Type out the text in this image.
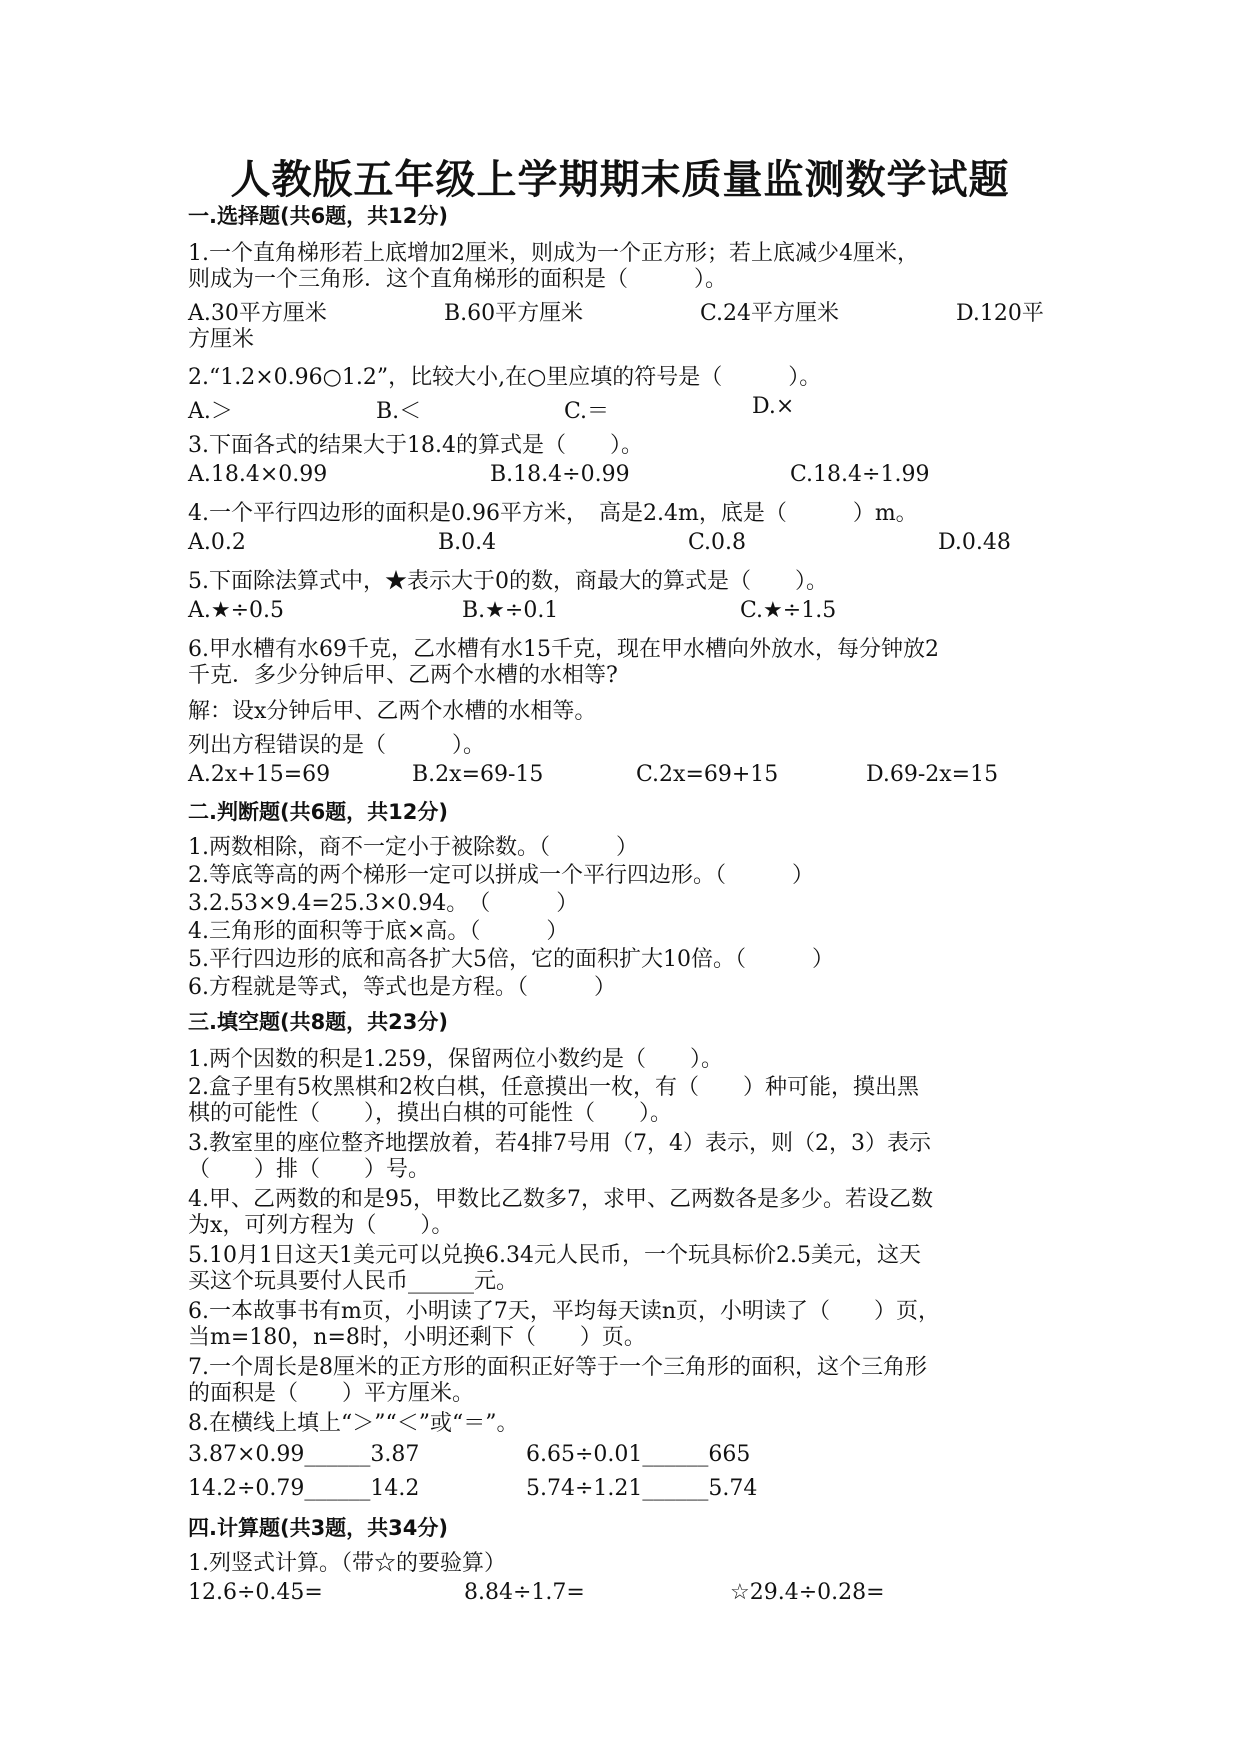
人教版五年级上学期期末质量监测数学试题
一.选择题(共6题，共12分)
1.一个直角梯形若上底增加2厘米，则成为一个正方形；若上底减少4厘米，
则成为一个三角形．这个直角梯形的面积是（　　　）。
A.30平方厘米	B.60平方厘米	C.24平方厘米	D.120平
方厘米
2.“1.2×0.96○1.2”，比较大小,在○里应填的符号是（　　　）。
A.＞	B.＜	C.＝	D.×
3.下面各式的结果大于18.4的算式是（　　）。
A.18.4×0.99	B.18.4÷0.99	C.18.4÷1.99
4.一个平行四边形的面积是0.96平方米，　高是2.4m，底是（　　　）m。
A.0.2	B.0.4	C.0.8	D.0.48
5.下面除法算式中，★表示大于0的数，商最大的算式是（　　）。
A.★÷0.5	B.★÷0.1	C.★÷1.5
6.甲水槽有水69千克，乙水槽有水15千克，现在甲水槽向外放水，每分钟放2
千克．多少分钟后甲、乙两个水槽的水相等?
解：设x分钟后甲、乙两个水槽的水相等。
列出方程错误的是（　　　）。
A.2x+15=69	B.2x=69-15	C.2x=69+15	D.69-2x=15
二.判断题(共6题，共12分)
1.两数相除，商不一定小于被除数。（　　　）
2.等底等高的两个梯形一定可以拼成一个平行四边形。（　　　）
3.2.53×9.4=25.3×0.94。　（　　　）
4.三角形的面积等于底×高。（　　　）
5.平行四边形的底和高各扩大5倍，它的面积扩大10倍。（　　　）
6.方程就是等式，等式也是方程。（　　　）
三.填空题(共8题，共23分)
1.两个因数的积是1.259，保留两位小数约是（　　）。
2.盒子里有5枚黑棋和2枚白棋，任意摸出一枚，有（　　）种可能，摸出黑
棋的可能性（　　），摸出白棋的可能性（　　）。
3.教室里的座位整齐地摆放着，若4排7号用（7，4）表示，则（2，3）表示
（　　）排（　　）号。
4.甲、乙两数的和是95，甲数比乙数多7，求甲、乙两数各是多少。若设乙数
为x，可列方程为（　　）。
5.10月1日这天1美元可以兑换6.34元人民币，一个玩具标价2.5美元，这天
买这个玩具要付人民币______元。
6.一本故事书有m页，小明读了7天，平均每天读n页，小明读了（　　）页，
当m=180，n=8时，小明还剩下（　　）页。
7.一个周长是8厘米的正方形的面积正好等于一个三角形的面积，这个三角形
的面积是（　　）平方厘米。
8.在横线上填上“＞”“＜”或“＝”。
3.87×0.99______3.87	6.65÷0.01______665
14.2÷0.79______14.2	5.74÷1.21______5.74
四.计算题(共3题，共34分)
1.列竖式计算。（带☆的要验算）
12.6÷0.45=	8.84÷1.7=	☆29.4÷0.28=
